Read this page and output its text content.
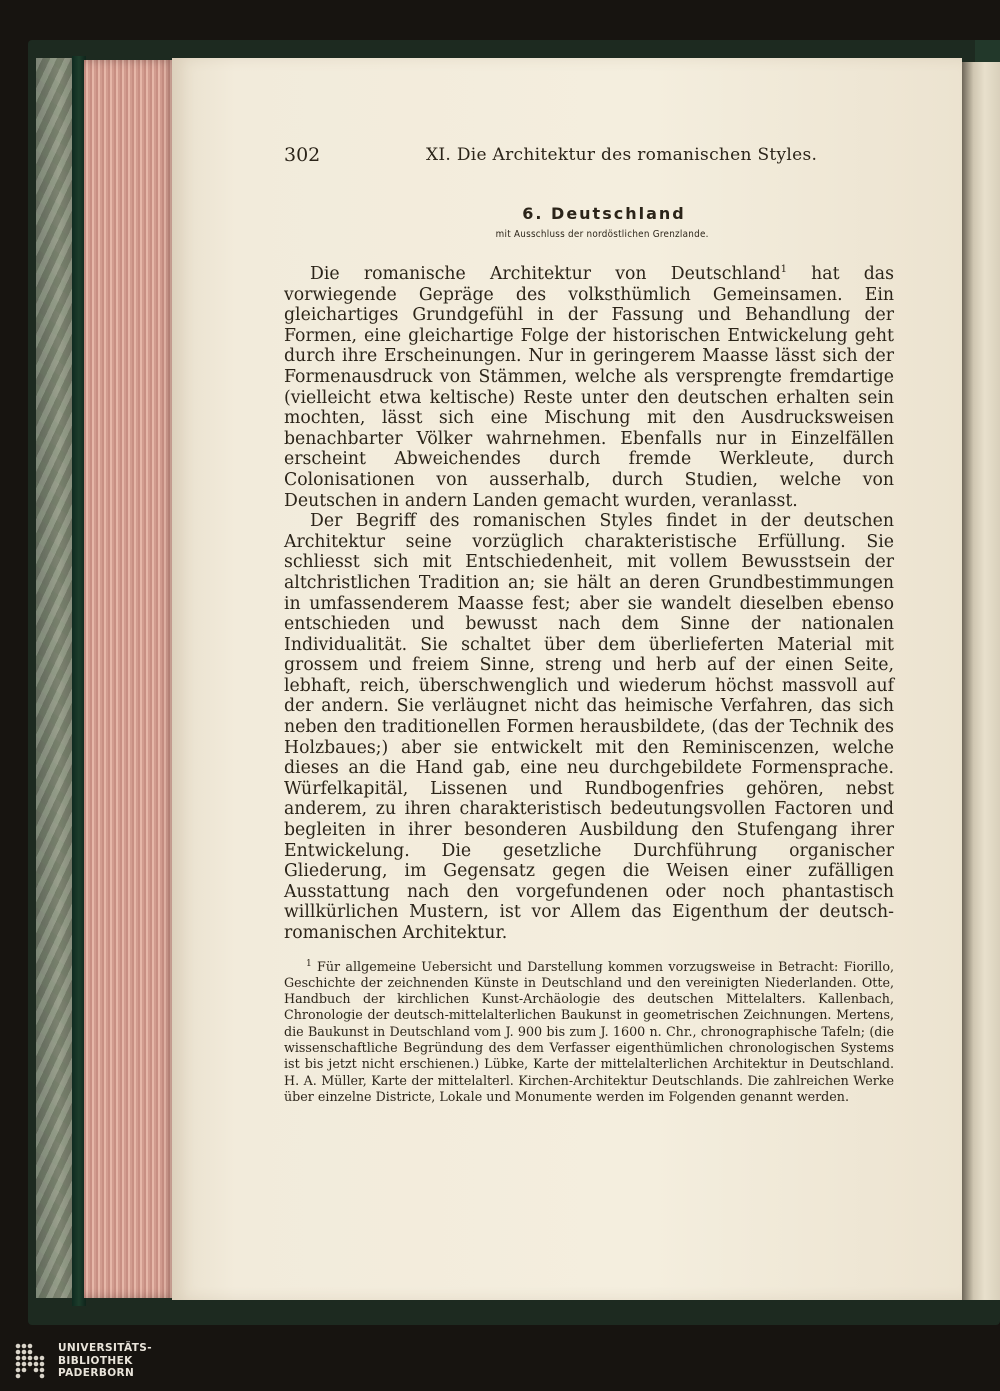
302	XI. Die Architektur des romanischen Styles.
6. Deutschland
mit Ausschluss der nordöstlichen Grenzlande.

Die romanische Architektur von Deutschland$^1$ hat das vorwiegende Gepräge des volksthümlich Gemeinsamen. Ein gleichartiges Grundgefühl in der Fassung und Behandlung der Formen, eine gleichartige Folge der historischen Entwickelung geht durch ihre Erscheinungen. Nur in geringerem Maasse lässt sich der Formenausdruck von Stämmen, welche als versprengte fremdartige (vielleicht etwa keltische) Reste unter den deutschen erhalten sein mochten, lässt sich eine Mischung mit den Ausdrucksweisen benachbarter Völker wahrnehmen. Ebenfalls nur in Einzelfällen erscheint Abweichendes durch fremde Werkleute, durch Colonisationen von ausserhalb, durch Studien, welche von Deutschen in andern Landen gemacht wurden, veranlasst.

Der Begriff des romanischen Styles findet in der deutschen Architektur seine vorzüglich charakteristische Erfüllung. Sie schliesst sich mit Entschiedenheit, mit vollem Bewusstsein der altchristlichen Tradition an; sie hält an deren Grundbestimmungen in umfassenderem Maasse fest; aber sie wandelt dieselben ebenso entschieden und bewusst nach dem Sinne der nationalen Individualität. Sie schaltet über dem überlieferten Material mit grossem und freiem Sinne, streng und herb auf der einen Seite, lebhaft, reich, überschwenglich und wiederum höchst massvoll auf der andern. Sie verläugnet nicht das heimische Verfahren, das sich neben den traditionellen Formen herausbildete, (das der Technik des Holzbaues;) aber sie entwickelt mit den Reminiscenzen, welche dieses an die Hand gab, eine neu durchgebildete Formensprache. Würfelkapitäl, Lissenen und Rundbogenfries gehören, nebst anderem, zu ihren charakteristisch bedeutungsvollen Factoren und begleiten in ihrer besonderen Ausbildung den Stufengang ihrer Entwickelung. Die gesetzliche Durchführung organischer Gliederung, im Gegensatz gegen die Weisen einer zufälligen Ausstattung nach den vorgefundenen oder noch phantastisch willkürlichen Mustern, ist vor Allem das Eigenthum der deutsch-romanischen Architektur.

$^1$ Für allgemeine Uebersicht und Darstellung kommen vorzugsweise in Betracht: Fiorillo, Geschichte der zeichnenden Künste in Deutschland und den vereinigten Niederlanden. Otte, Handbuch der kirchlichen Kunst-Archäologie des deutschen Mittelalters. Kallenbach, Chronologie der deutsch-mittelalterlichen Baukunst in geometrischen Zeichnungen. Mertens, die Baukunst in Deutschland vom J. 900 bis zum J. 1600 n. Chr., chronographische Tafeln; (die wissenschaftliche Begründung des dem Verfasser eigenthümlichen chronologischen Systems ist bis jetzt nicht erschienen.) Lübke, Karte der mittelalterlichen Architektur in Deutschland. H. A. Müller, Karte der mittelalterl. Kirchen-Architektur Deutschlands. Die zahlreichen Werke über einzelne Districte, Lokale und Monumente werden im Folgenden genannt werden.

UNIVERSITÄTS-
BIBLIOTHEK
PADERBORN
